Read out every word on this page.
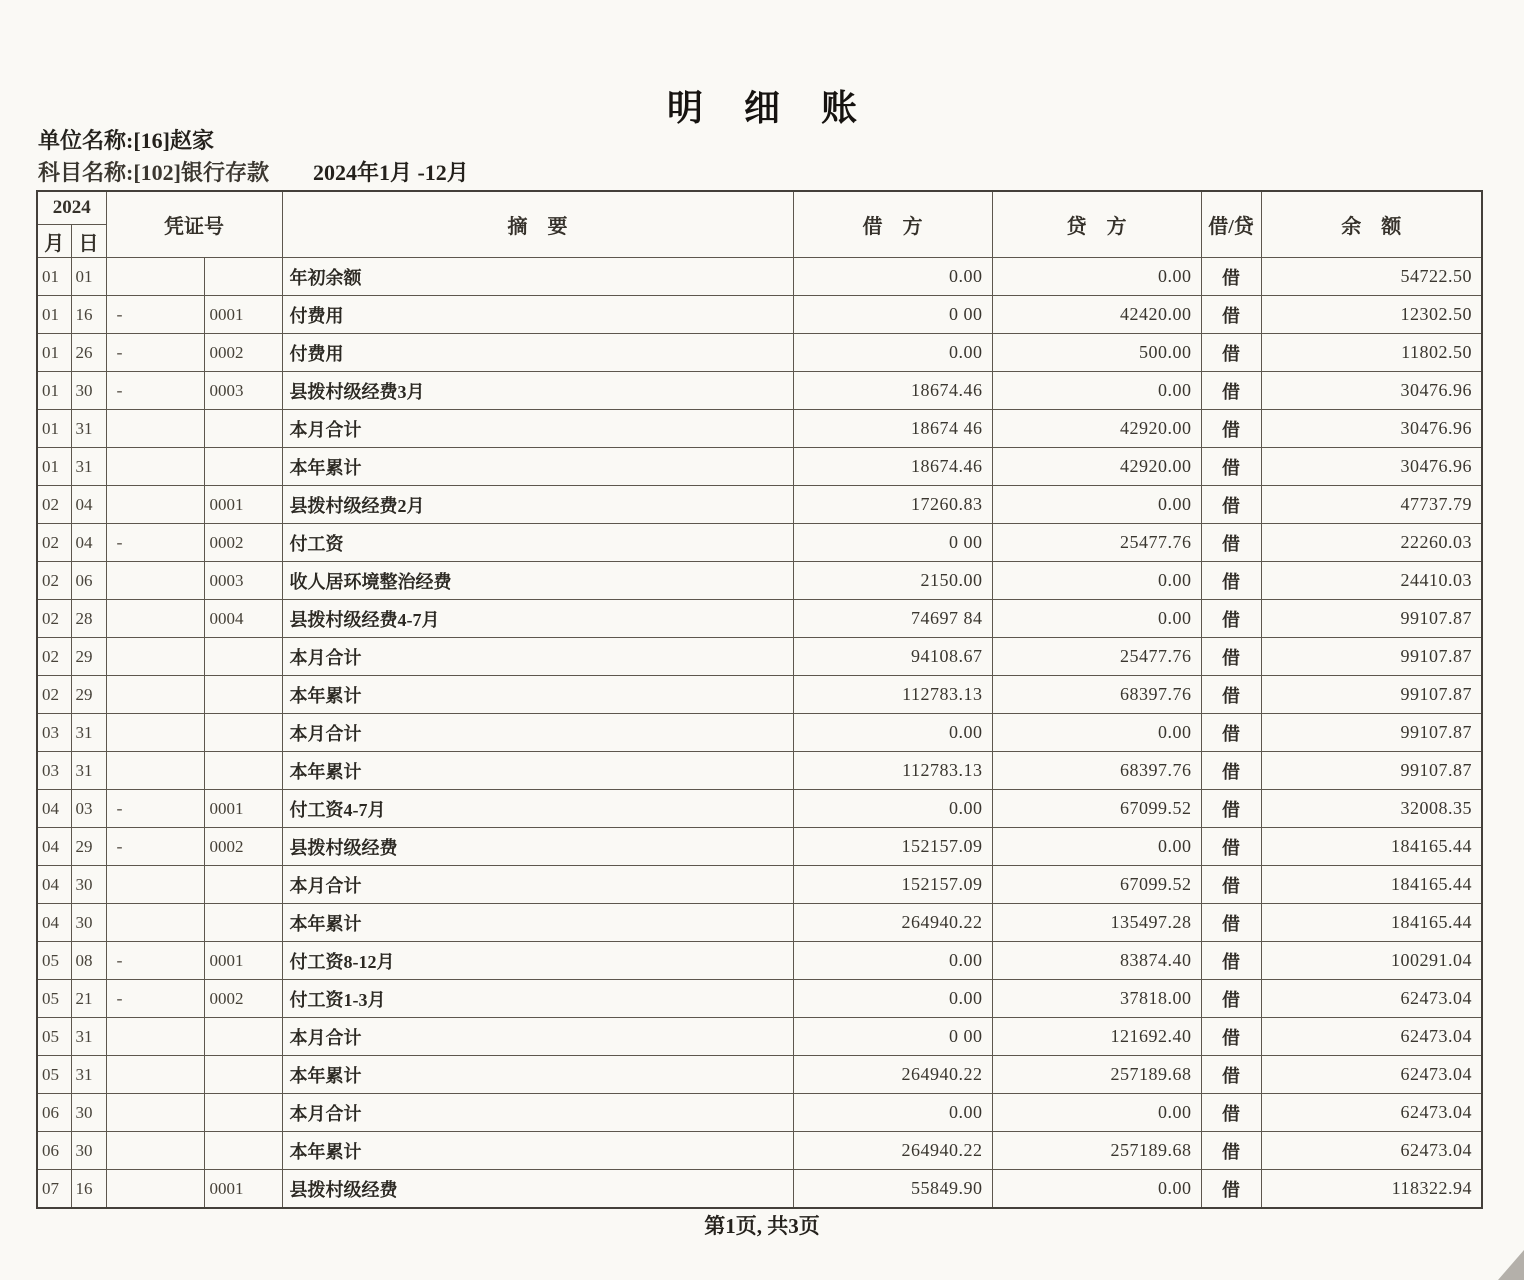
明 细 账
单位名称:[16]赵家
科目名称:[102]银行存款 2024年1月 -12月
2024		凭证号		摘　要	借　方	贷　方	借/贷	余　额
月	日							
01	01			年初余额	0.00	0.00	借	54722.50
01	16	-	0001	付费用	0 00	42420.00	借	12302.50
01	26	-	0002	付费用	0.00	500.00	借	11802.50
01	30	-	0003	县拨村级经费3月	18674.46	0.00	借	30476.96
01	31			本月合计	18674 46	42920.00	借	30476.96
01	31			本年累计	18674.46	42920.00	借	30476.96
02	04		0001	县拨村级经费2月	17260.83	0.00	借	47737.79
02	04	-	0002	付工资	0 00	25477.76	借	22260.03
02	06		0003	收人居环境整治经费	2150.00	0.00	借	24410.03
02	28		0004	县拨村级经费4-7月	74697 84	0.00	借	99107.87
02	29			本月合计	94108.67	25477.76	借	99107.87
02	29			本年累计	112783.13	68397.76	借	99107.87
03	31			本月合计	0.00	0.00	借	99107.87
03	31			本年累计	112783.13	68397.76	借	99107.87
04	03	-	0001	付工资4-7月	0.00	67099.52	借	32008.35
04	29	-	0002	县拨村级经费	152157.09	0.00	借	184165.44
04	30			本月合计	152157.09	67099.52	借	184165.44
04	30			本年累计	264940.22	135497.28	借	184165.44
05	08	-	0001	付工资8-12月	0.00	83874.40	借	100291.04
05	21	-	0002	付工资1-3月	0.00	37818.00	借	62473.04
05	31			本月合计	0 00	121692.40	借	62473.04
05	31			本年累计	264940.22	257189.68	借	62473.04
06	30			本月合计	0.00	0.00	借	62473.04
06	30			本年累计	264940.22	257189.68	借	62473.04
07	16		0001	县拨村级经费	55849.90	0.00	借	118322.94
第1页, 共3页
